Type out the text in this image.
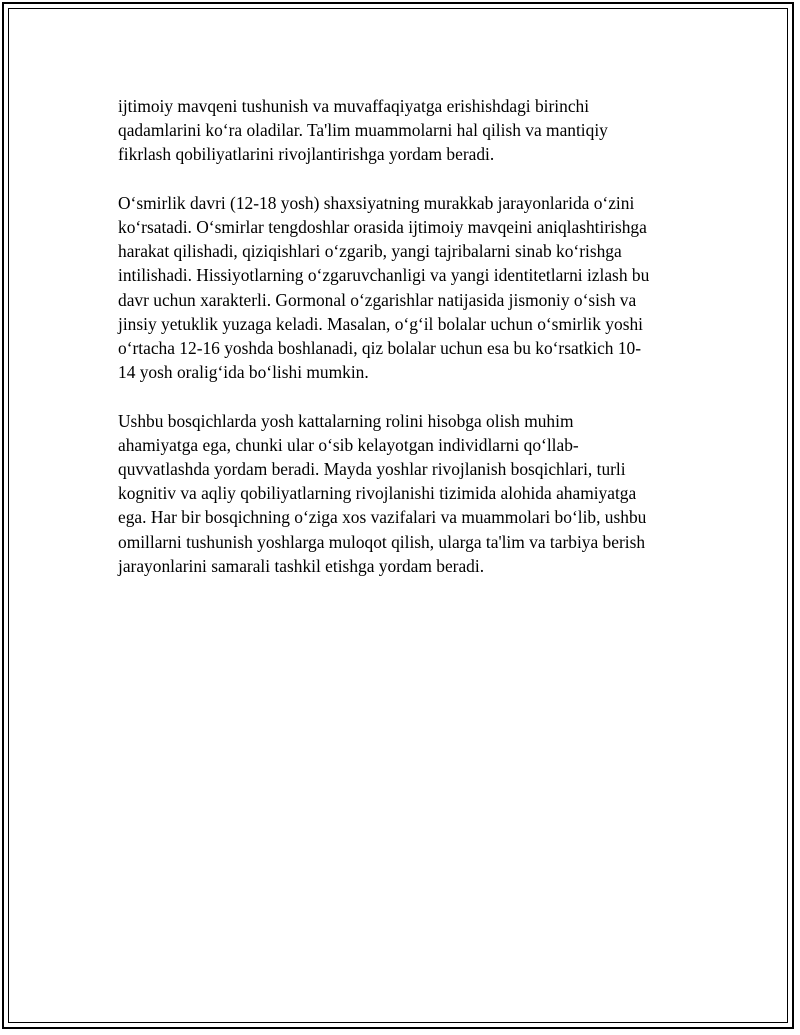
ijtimoiy mavqeni tushunish va muvaffaqiyatga erishishdagi birinchi
qadamlarini koʻra oladilar. Ta'lim muammolarni hal qilish va mantiqiy
fikrlash qobiliyatlarini rivojlantirishga yordam beradi.

Oʻsmirlik davri (12-18 yosh) shaxsiyatning murakkab jarayonlarida oʻzini
koʻrsatadi. Oʻsmirlar tengdoshlar orasida ijtimoiy mavqeini aniqlashtirishga
harakat qilishadi, qiziqishlari oʻzgarib, yangi tajribalarni sinab koʻrishga
intilishadi. Hissiyotlarning oʻzgaruvchanligi va yangi identitetlarni izlash bu
davr uchun xarakterli. Gormonal oʻzgarishlar natijasida jismoniy oʻsish va
jinsiy yetuklik yuzaga keladi. Masalan, oʻgʻil bolalar uchun oʻsmirlik yoshi
oʻrtacha 12-16 yoshda boshlanadi, qiz bolalar uchun esa bu koʻrsatkich 10-
14 yosh oraligʻida boʻlishi mumkin.

Ushbu bosqichlarda yosh kattalarning rolini hisobga olish muhim
ahamiyatga ega, chunki ular oʻsib kelayotgan individlarni qoʻllab-
quvvatlashda yordam beradi. Mayda yoshlar rivojlanish bosqichlari, turli
kognitiv va aqliy qobiliyatlarning rivojlanishi tizimida alohida ahamiyatga
ega. Har bir bosqichning oʻziga xos vazifalari va muammolari boʻlib, ushbu
omillarni tushunish yoshlarga muloqot qilish, ularga ta'lim va tarbiya berish
jarayonlarini samarali tashkil etishga yordam beradi.
